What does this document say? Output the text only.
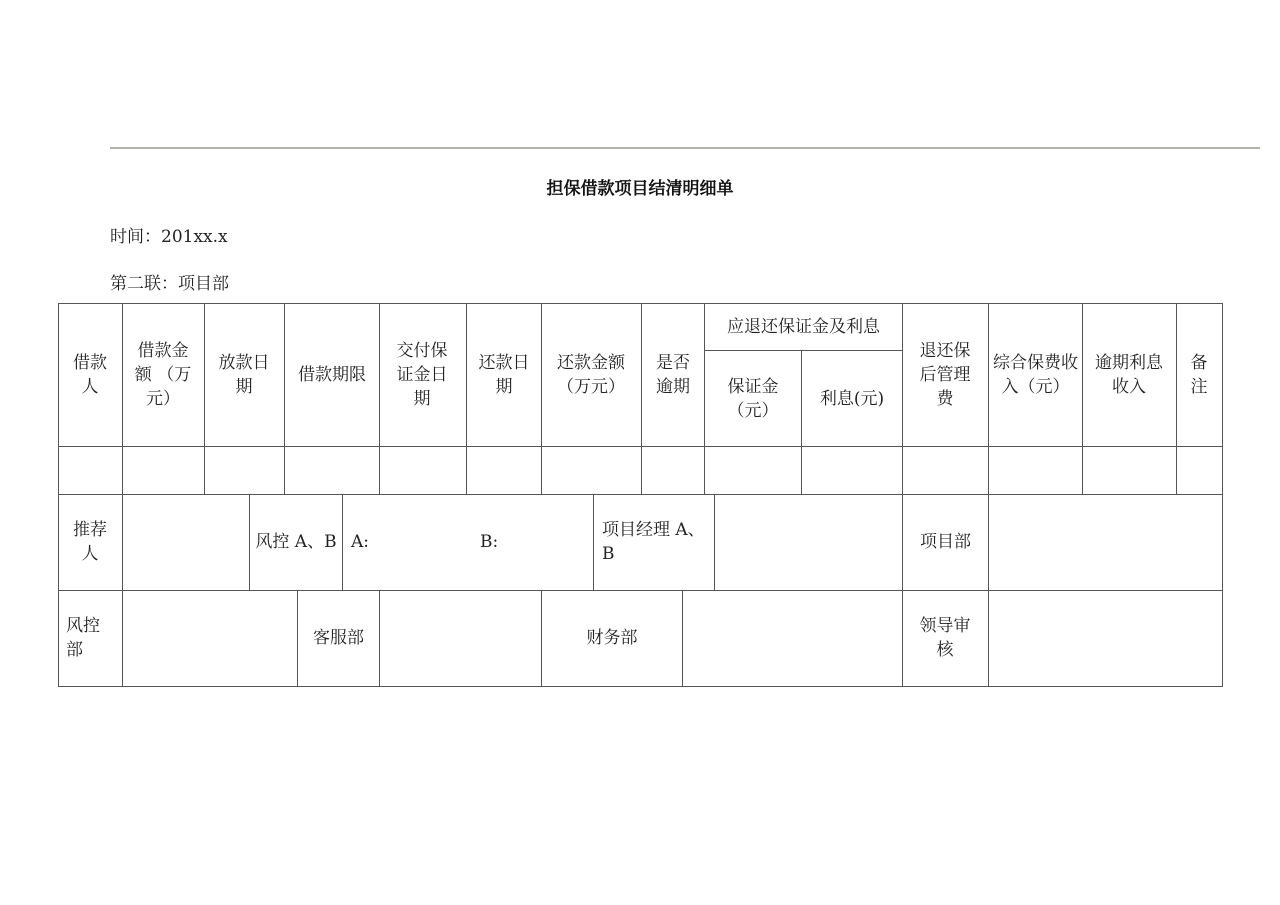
担保借款项目结清明细单
时间：201xx.x
第二联：项目部
借款人
借款金额 （万元）
放款日期
借款期限
交付保证金日期
还款日期
还款金额（万元）
是否逾期
应退还保证金及利息
保证金（元）
利息(元)
退还保后管理费
综合保费收入（元）
逾期利息收入
备注
推荐人
风控 A、B A:	B:
项目经理 A、B
项目部
风控部
客服部	财务部
领导审核
